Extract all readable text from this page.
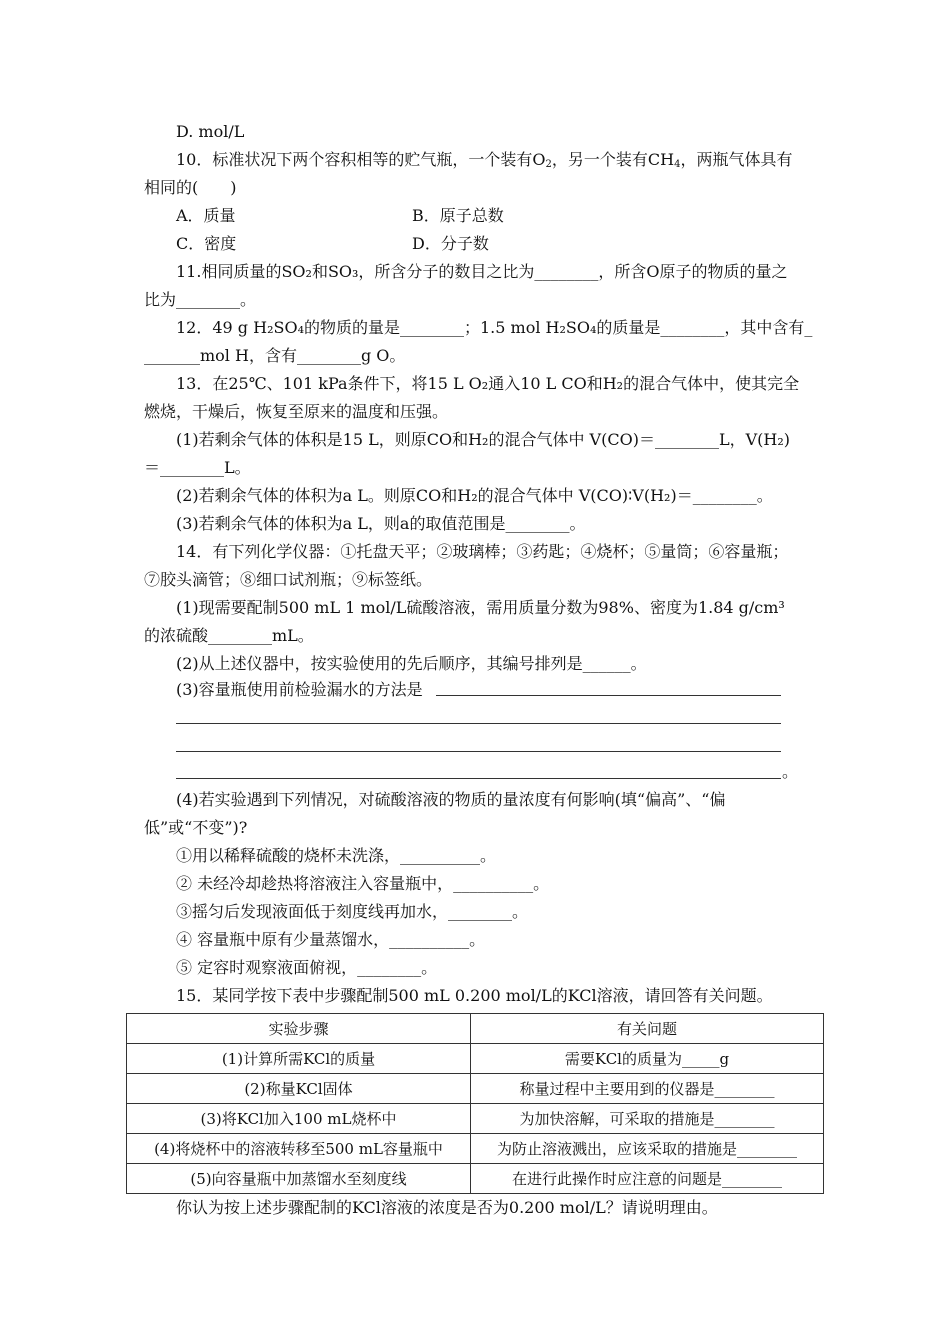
D. mol/L
10．标准状况下两个容积相等的贮气瓶，一个装有$O_2$，另一个装有$CH_4$，两瓶气体具有
相同的(　　)
A．质量	B．原子总数
C．密度	D．分子数
11.相同质量的SO₂和SO₃，所含分子的数目之比为________，所含O原子的物质的量之
比为________。
12．49 g H₂SO₄的物质的量是________；1.5 mol H₂SO₄的质量是________，其中含有_
_______mol H，含有________g O。
13．在25℃、101 kPa条件下，将15 L O₂通入10 L CO和H₂的混合气体中，使其完全
燃烧，干燥后，恢复至原来的温度和压强。
(1)若剩余气体的体积是15 L，则原CO和H₂的混合气体中 V(CO)＝________L，V(H₂)
＝________L。
(2)若剩余气体的体积为a L。则原CO和H₂的混合气体中 V(CO)∶V(H₂)＝________。
(3)若剩余气体的体积为a L，则a的取值范围是________。
14．有下列化学仪器：①托盘天平；②玻璃棒；③药匙；④烧杯；⑤量筒；⑥容量瓶；
⑦胶头滴管；⑧细口试剂瓶；⑨标签纸。
(1)现需要配制500 mL 1 mol/L硫酸溶液，需用质量分数为98%、密度为1.84 g/cm³
的浓硫酸________mL。
(2)从上述仪器中，按实验使用的先后顺序，其编号排列是______。
(3)容量瓶使用前检验漏水的方法是
。
(4)若实验遇到下列情况，对硫酸溶液的物质的量浓度有何影响(填“偏高”、“偏
低”或“不变”)?
①用以稀释硫酸的烧杯未洗涤，__________。
② 未经冷却趁热将溶液注入容量瓶中，__________。
③摇匀后发现液面低于刻度线再加水，________。
④ 容量瓶中原有少量蒸馏水，__________。
⑤ 定容时观察液面俯视，________。
15．某同学按下表中步骤配制500 mL 0.200 mol/L的KCl溶液，请回答有关问题。
实验步骤	有关问题
(1)计算所需KCl的质量	需要KCl的质量为_____g
(2)称量KCl固体	称量过程中主要用到的仪器是________
(3)将KCl加入100 mL烧杯中	为加快溶解，可采取的措施是________
(4)将烧杯中的溶液转移至500 mL容量瓶中	为防止溶液溅出，应该采取的措施是________
(5)向容量瓶中加蒸馏水至刻度线	在进行此操作时应注意的问题是________
你认为按上述步骤配制的KCl溶液的浓度是否为0.200 mol/L？请说明理由。
